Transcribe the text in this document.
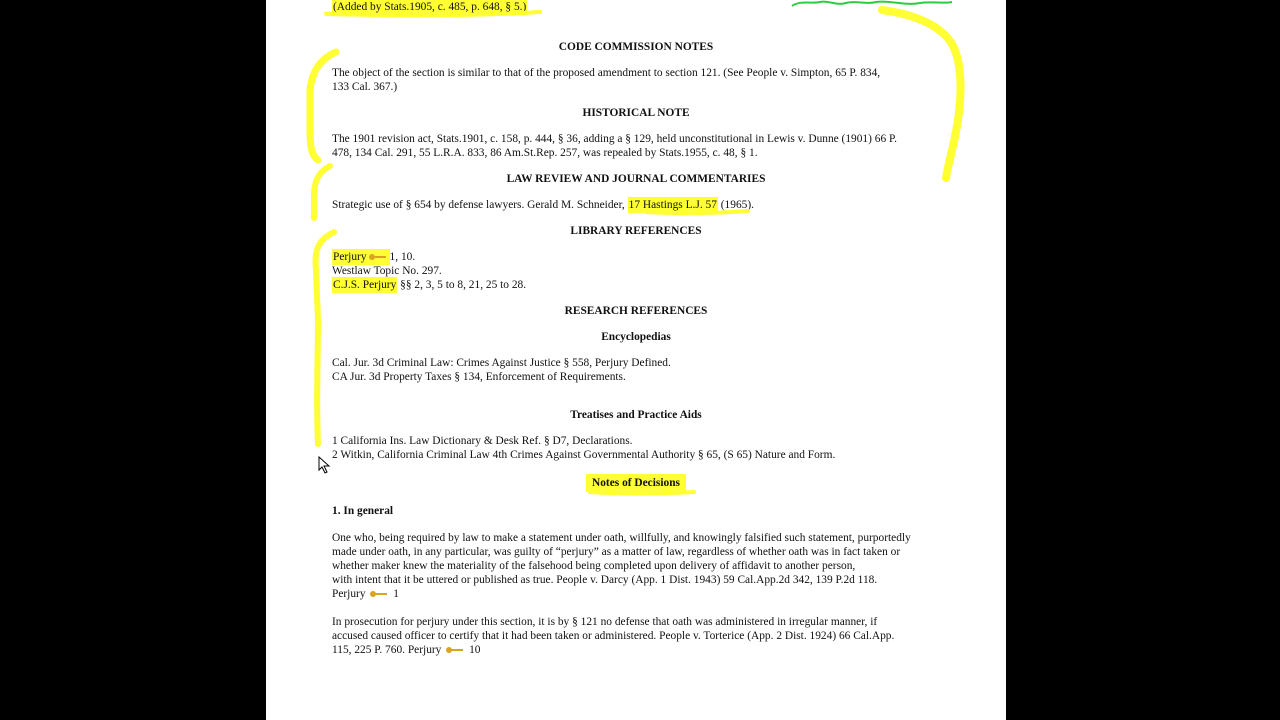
(Added by Stats.1905, c. 485, p. 648, § 5.)
CODE COMMISSION NOTES
The object of the section is similar to that of the proposed amendment to section 121. (See People v. Simpton, 65 P. 834,
133 Cal. 367.)
HISTORICAL NOTE
The 1901 revision act, Stats.1901, c. 158, p. 444, § 36, adding a § 129, held unconstitutional in Lewis v. Dunne (1901) 66 P.
478, 134 Cal. 291, 55 L.R.A. 833, 86 Am.St.Rep. 257, was repealed by Stats.1955, c. 48, § 1.
LAW REVIEW AND JOURNAL COMMENTARIES
Strategic use of § 654 by defense lawyers. Gerald M. Schneider, 17 Hastings L.J. 57 (1965).
LIBRARY REFERENCES
Perjury 1, 10.
Westlaw Topic No. 297.
C.J.S. Perjury §§ 2, 3, 5 to 8, 21, 25 to 28.
RESEARCH REFERENCES
Encyclopedias
Cal. Jur. 3d Criminal Law: Crimes Against Justice § 558, Perjury Defined.
CA Jur. 3d Property Taxes § 134, Enforcement of Requirements.
Treatises and Practice Aids
1 California Ins. Law Dictionary & Desk Ref. § D7, Declarations.
2 Witkin, California Criminal Law 4th Crimes Against Governmental Authority § 65, (S 65) Nature and Form.
Notes of Decisions
1. In general
One who, being required by law to make a statement under oath, willfully, and knowingly falsified such statement, purportedly
made under oath, in any particular, was guilty of “perjury” as a matter of law, regardless of whether oath was in fact taken or
whether maker knew the materiality of the falsehood being completed upon delivery of affidavit to another person,
with intent that it be uttered or published as true. People v. Darcy (App. 1 Dist. 1943) 59 Cal.App.2d 342, 139 P.2d 118.
Perjury 1
In prosecution for perjury under this section, it is by § 121 no defense that oath was administered in irregular manner, if
accused caused officer to certify that it had been taken or administered. People v. Torterice (App. 2 Dist. 1924) 66 Cal.App.
115, 225 P. 760. Perjury 10
